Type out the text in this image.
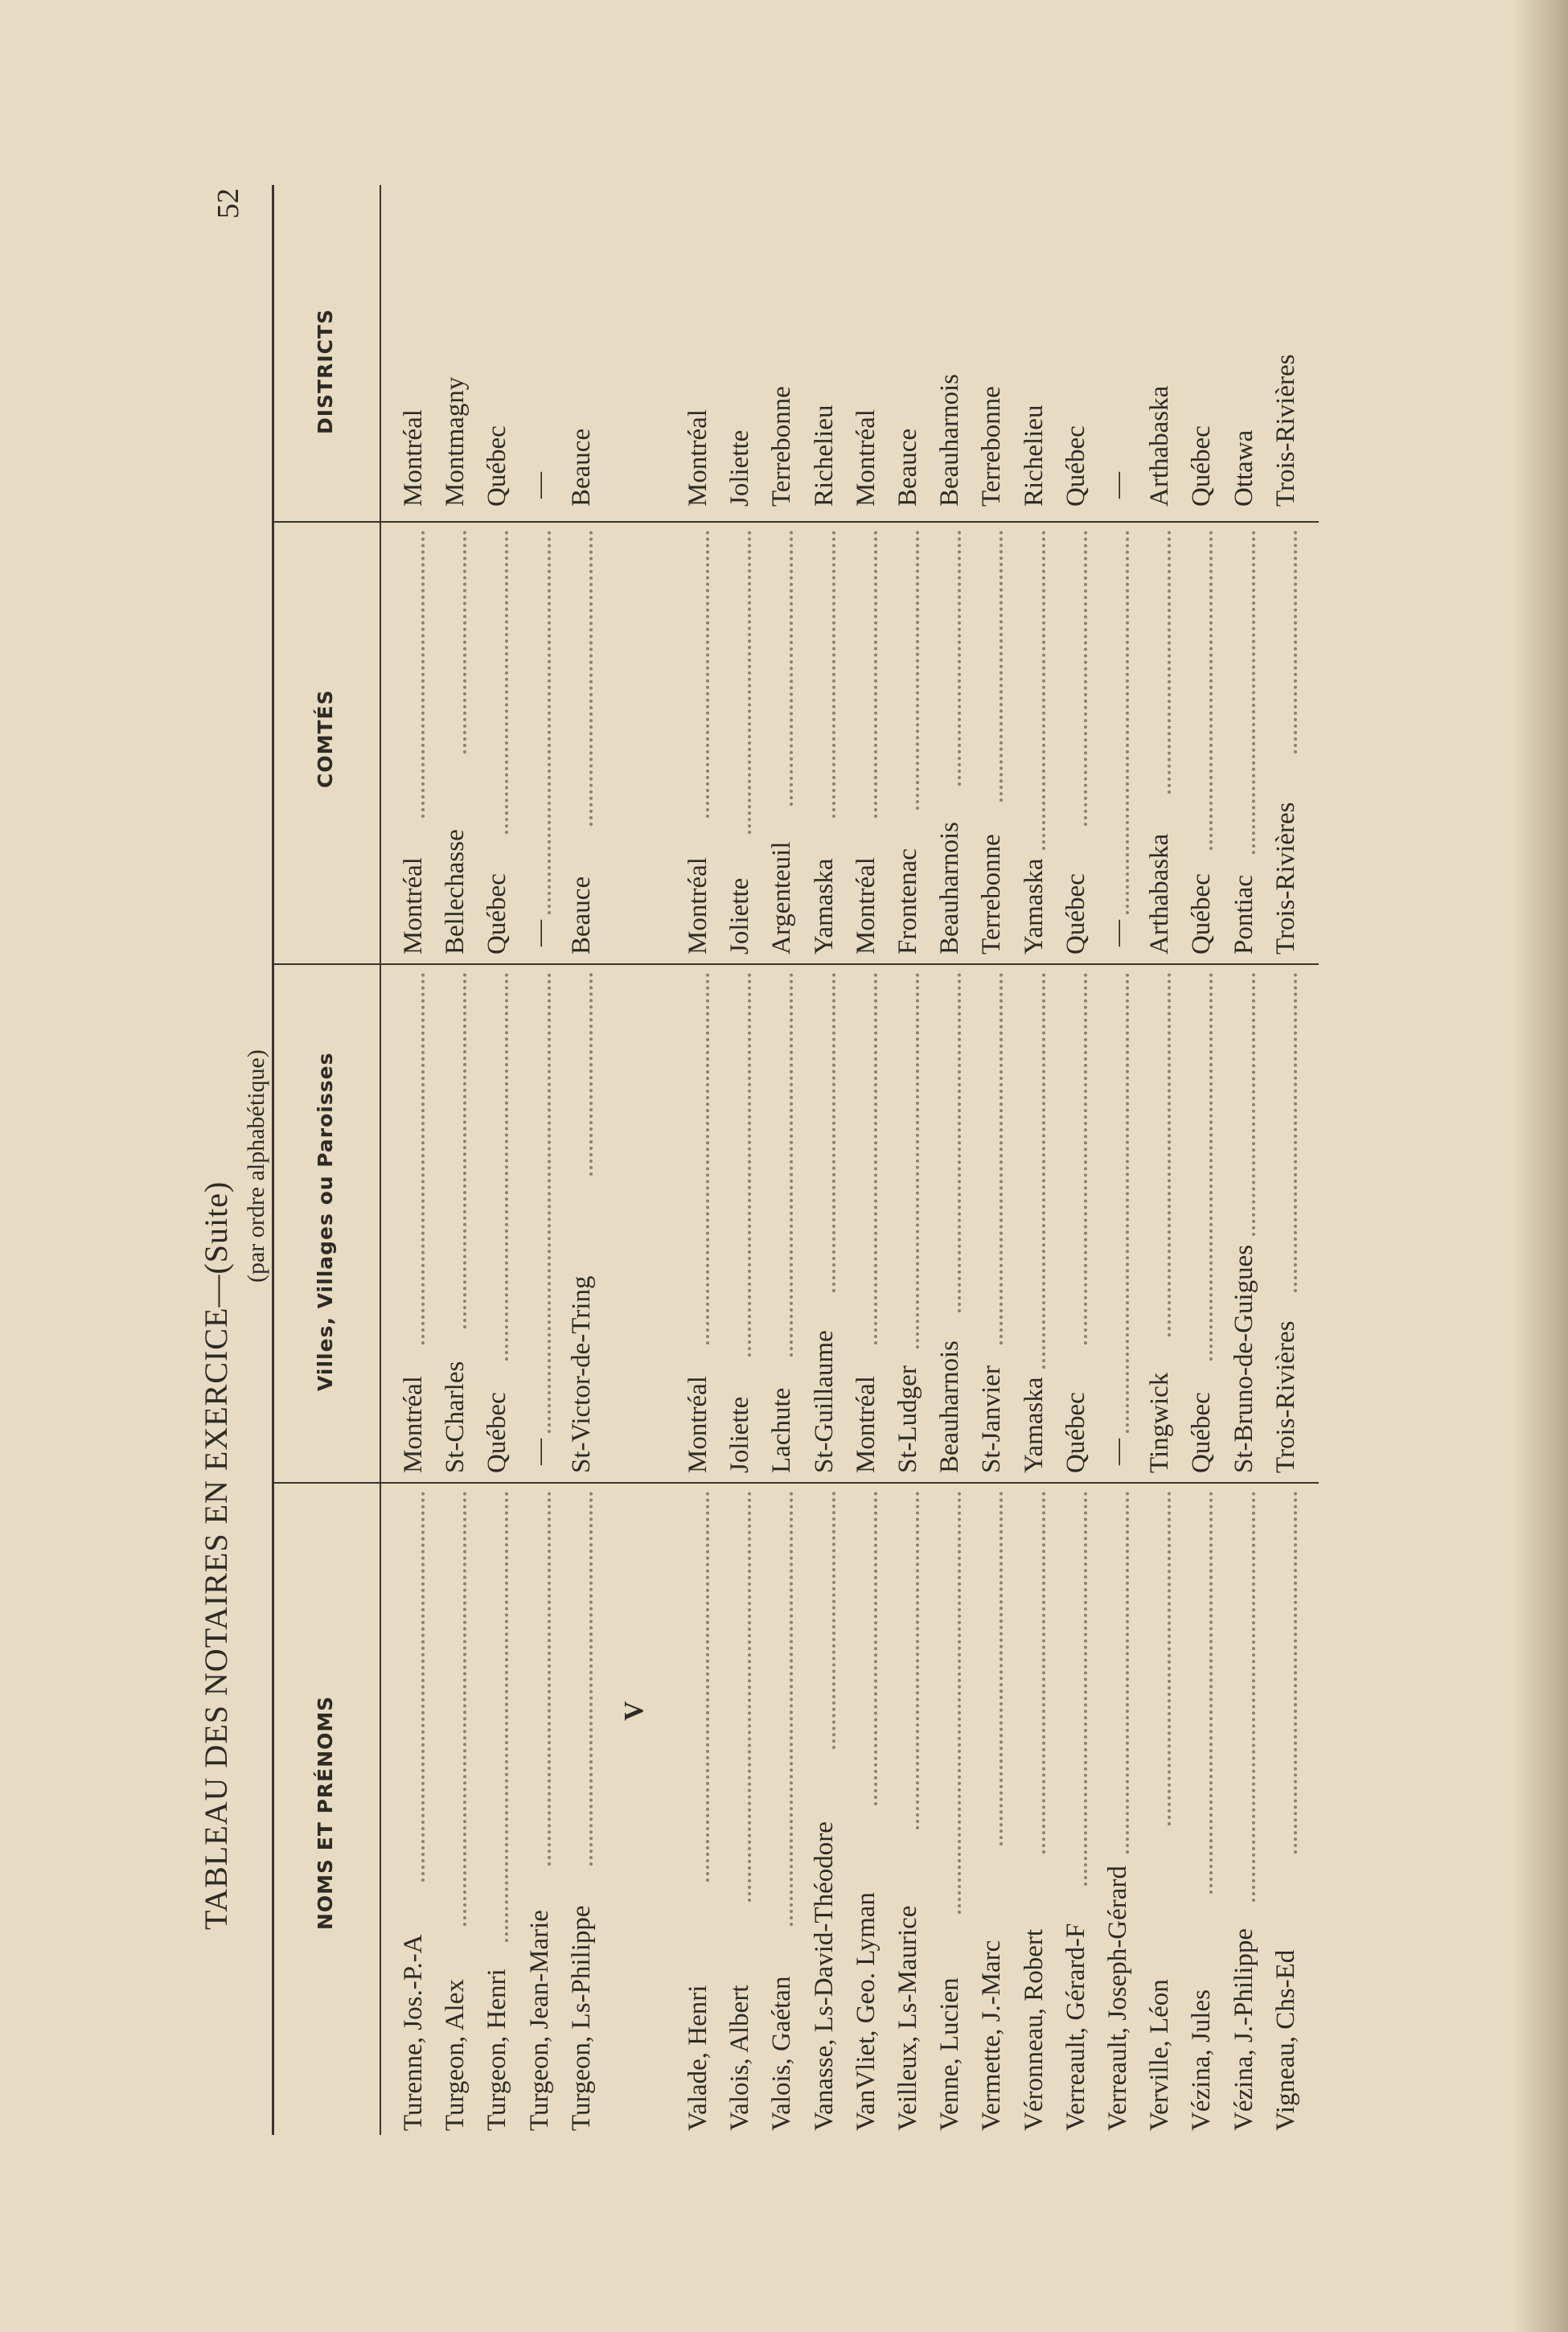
TABLEAU DES NOTAIRES EN EXERCICE—(Suite)
(par ordre alphabétique)
52
NOMS ET PRÉNOMS
Villes, Villages ou Paroisses
COMTÉS
DISTRICTS
V
Turenne, Jos.-P.-A
Montréal
Montréal
Montréal
Turgeon, Alex
St-Charles
Bellechasse
Montmagny
Turgeon, Henri
Québec
Québec
Québec
Turgeon, Jean-Marie
—
—
—
Turgeon, Ls-Philippe
St-Victor-de-Tring
Beauce
Beauce
Valade, Henri
Montréal
Montréal
Montréal
Valois, Albert
Joliette
Joliette
Joliette
Valois, Gaétan
Lachute
Argenteuil
Terrebonne
Vanasse, Ls-David-Théodore
St-Guillaume
Yamaska
Richelieu
VanVliet, Geo. Lyman
Montréal
Montréal
Montréal
Veilleux, Ls-Maurice
St-Ludger
Frontenac
Beauce
Venne, Lucien
Beauharnois
Beauharnois
Beauharnois
Vermette, J.-Marc
St-Janvier
Terrebonne
Terrebonne
Véronneau, Robert
Yamaska
Yamaska
Richelieu
Verreault, Gérard-F
Québec
Québec
Québec
Verreault, Joseph-Gérard
—
—
—
Verville, Léon
Tingwick
Arthabaska
Arthabaska
Vézina, Jules
Québec
Québec
Québec
Vézina, J.-Philippe
St-Bruno-de-Guigues
Pontiac
Ottawa
Vigneau, Chs-Ed
Trois-Rivières
Trois-Rivières
Trois-Rivières
